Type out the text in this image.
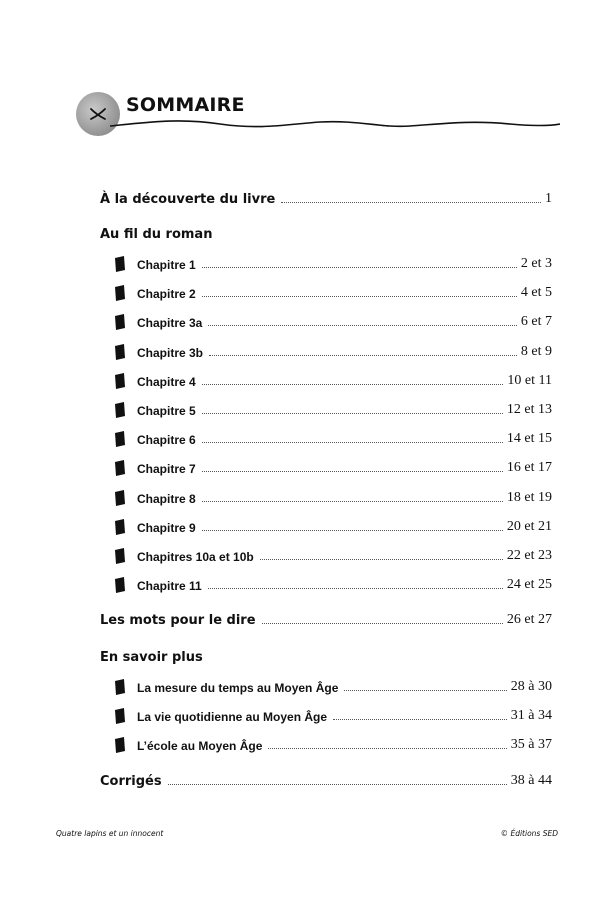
SOMMAIRE
À la découverte du livre	1
Au fil du roman
Chapitre 1	2 et 3
Chapitre 2	4 et 5
Chapitre 3a	6 et 7
Chapitre 3b	8 et 9
Chapitre 4	10 et 11
Chapitre 5	12 et 13
Chapitre 6	14 et 15
Chapitre 7	16 et 17
Chapitre 8	18 et 19
Chapitre 9	20 et 21
Chapitres 10a et 10b	22 et 23
Chapitre 11	24 et 25
Les mots pour le dire	26 et 27
En savoir plus
La mesure du temps au Moyen Âge	28 à 30
La vie quotidienne au Moyen Âge	31 à 34
L’école au Moyen Âge	35 à 37
Corrigés	38 à 44
Quatre lapins et un innocent	© Éditions SED
